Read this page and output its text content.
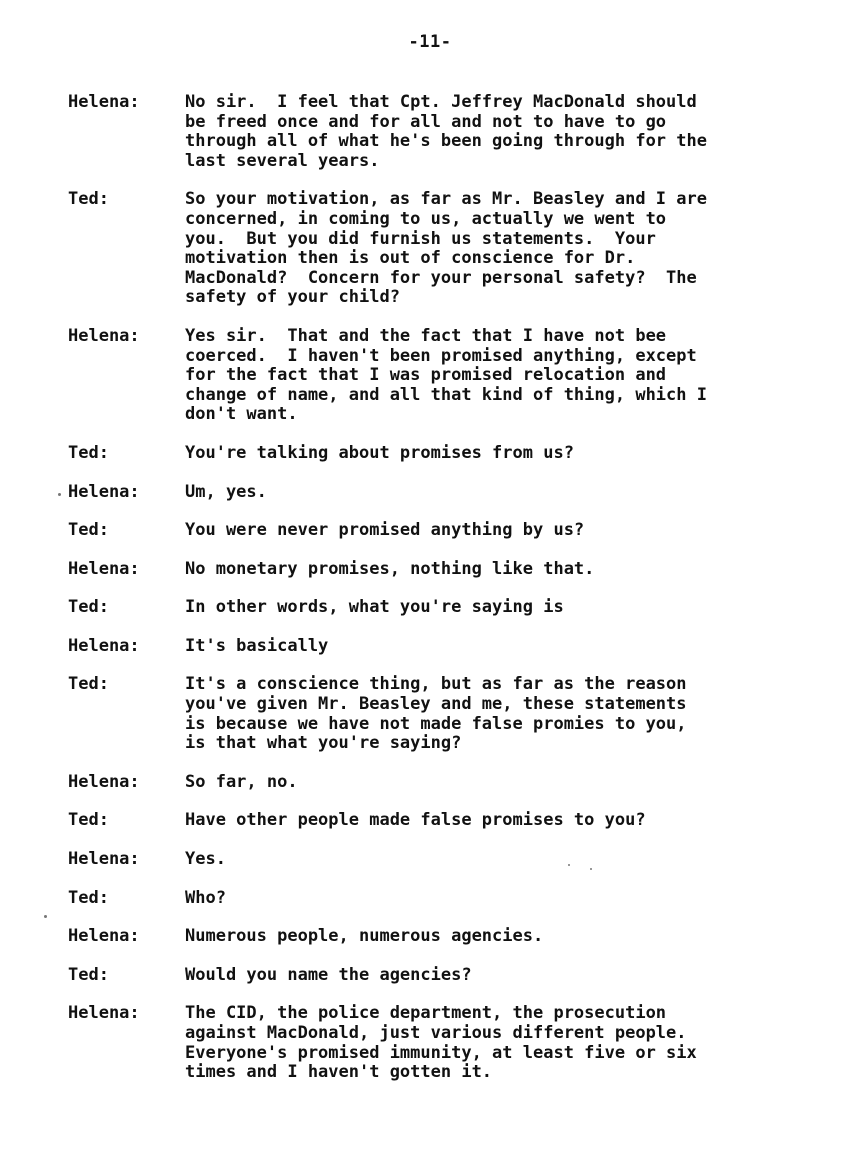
-11-
Helena:	No sir.  I feel that Cpt. Jeffrey MacDonald should
be freed once and for all and not to have to go
through all of what he's been going through for the
last several years.
Ted:	So your motivation, as far as Mr. Beasley and I are
concerned, in coming to us, actually we went to
you.  But you did furnish us statements.  Your
motivation then is out of conscience for Dr.
MacDonald?  Concern for your personal safety?  The
safety of your child?
Helena:	Yes sir.  That and the fact that I have not bee
coerced.  I haven't been promised anything, except
for the fact that I was promised relocation and
change of name, and all that kind of thing, which I
don't want.
Ted:	You're talking about promises from us?
Helena:	Um, yes.
Ted:	You were never promised anything by us?
Helena:	No monetary promises, nothing like that.
Ted:	In other words, what you're saying is
Helena:	It's basically
Ted:	It's a conscience thing, but as far as the reason
you've given Mr. Beasley and me, these statements
is because we have not made false promies to you,
is that what you're saying?
Helena:	So far, no.
Ted:	Have other people made false promises to you?
Helena:	Yes.
Ted:	Who?
Helena:	Numerous people, numerous agencies.
Ted:	Would you name the agencies?
Helena:	The CID, the police department, the prosecution
against MacDonald, just various different people.
Everyone's promised immunity, at least five or six
times and I haven't gotten it.
